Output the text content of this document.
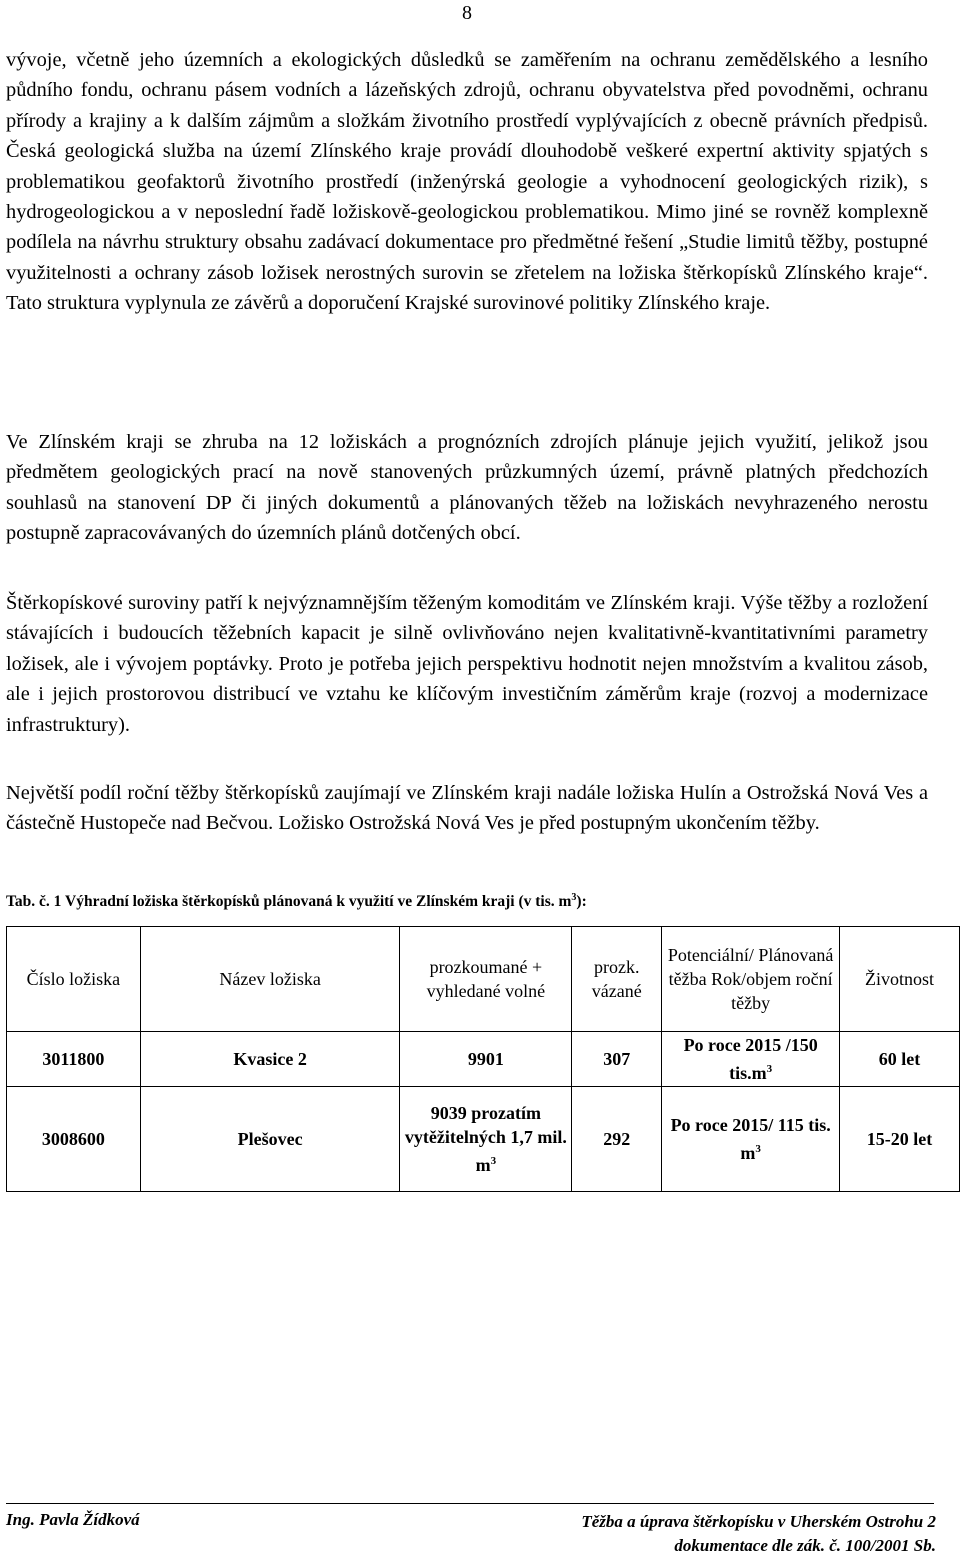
8

vývoje, včetně jeho územních a ekologických důsledků se zaměřením na ochranu zemědělského a lesního půdního fondu, ochranu pásem vodních a lázeňských zdrojů, ochranu obyvatelstva před povodněmi, ochranu přírody a krajiny a k dalším zájmům a složkám životního prostředí vyplývajících z obecně právních předpisů. Česká geologická služba na území Zlínského kraje provádí dlouhodobě veškeré expertní aktivity spjatých s problematikou geofaktorů životního prostředí (inženýrská geologie a vyhodnocení geologických rizik), s hydrogeologickou a v neposlední řadě ložiskově-geologickou problematikou. Mimo jiné se rovněž komplexně podílela na návrhu struktury obsahu zadávací dokumentace pro předmětné řešení „Studie limitů těžby, postupné využitelnosti a ochrany zásob ložisek nerostných surovin se zřetelem na ložiska štěrkopísků Zlínského kraje“. Tato struktura vyplynula ze závěrů a doporučení Krajské surovinové politiky Zlínského kraje.

Ve Zlínském kraji se zhruba na 12 ložiskách a prognózních zdrojích plánuje jejich využití, jelikož jsou předmětem geologických prací na nově stanovených průzkumných území, právně platných předchozích souhlasů na stanovení DP či jiných dokumentů a plánovaných těžeb na ložiskách nevyhrazeného nerostu postupně zapracovávaných do územních plánů dotčených obcí.

Štěrkopískové suroviny patří k nejvýznamnějším těženým komoditám ve Zlínském kraji. Výše těžby a rozložení stávajících i budoucích těžebních kapacit je silně ovlivňováno nejen kvalitativně-kvantitativními parametry ložisek, ale i vývojem poptávky. Proto je potřeba jejich perspektivu hodnotit nejen množstvím a kvalitou zásob, ale i jejich prostorovou distribucí ve vztahu ke klíčovým investičním záměrům kraje (rozvoj a modernizace infrastruktury).

Největší podíl roční těžby štěrkopísků zaujímají ve Zlínském kraji nadále ložiska Hulín a Ostrožská Nová Ves a částečně Hustopeče nad Bečvou. Ložisko Ostrožská Nová Ves je před postupným ukončením těžby.

Tab. č. 1 Výhradní ložiska štěrkopísků plánovaná k využití ve Zlínském kraji (v tis. $m^3$):
Číslo ložiska	Název ložiska	prozkoumané + vyhledané volné	prozk. vázané	Potenciální/ Plánovaná těžba Rok/objem roční těžby	Životnost
3011800	Kvasice 2	9901	307	Po roce 2015 /150 $tis.m^3$	60 let
3008600	Plešovec	9039 prozatím vytěžitelných 1,7 mil. $m^3$	292	Po roce 2015/ 115 tis. $m^3$	15-20 let
Ing. Pavla Žídková	Těžba a úprava štěrkopísku v Uherském Ostrohu 2
dokumentace dle zák. č. 100/2001 Sb.
